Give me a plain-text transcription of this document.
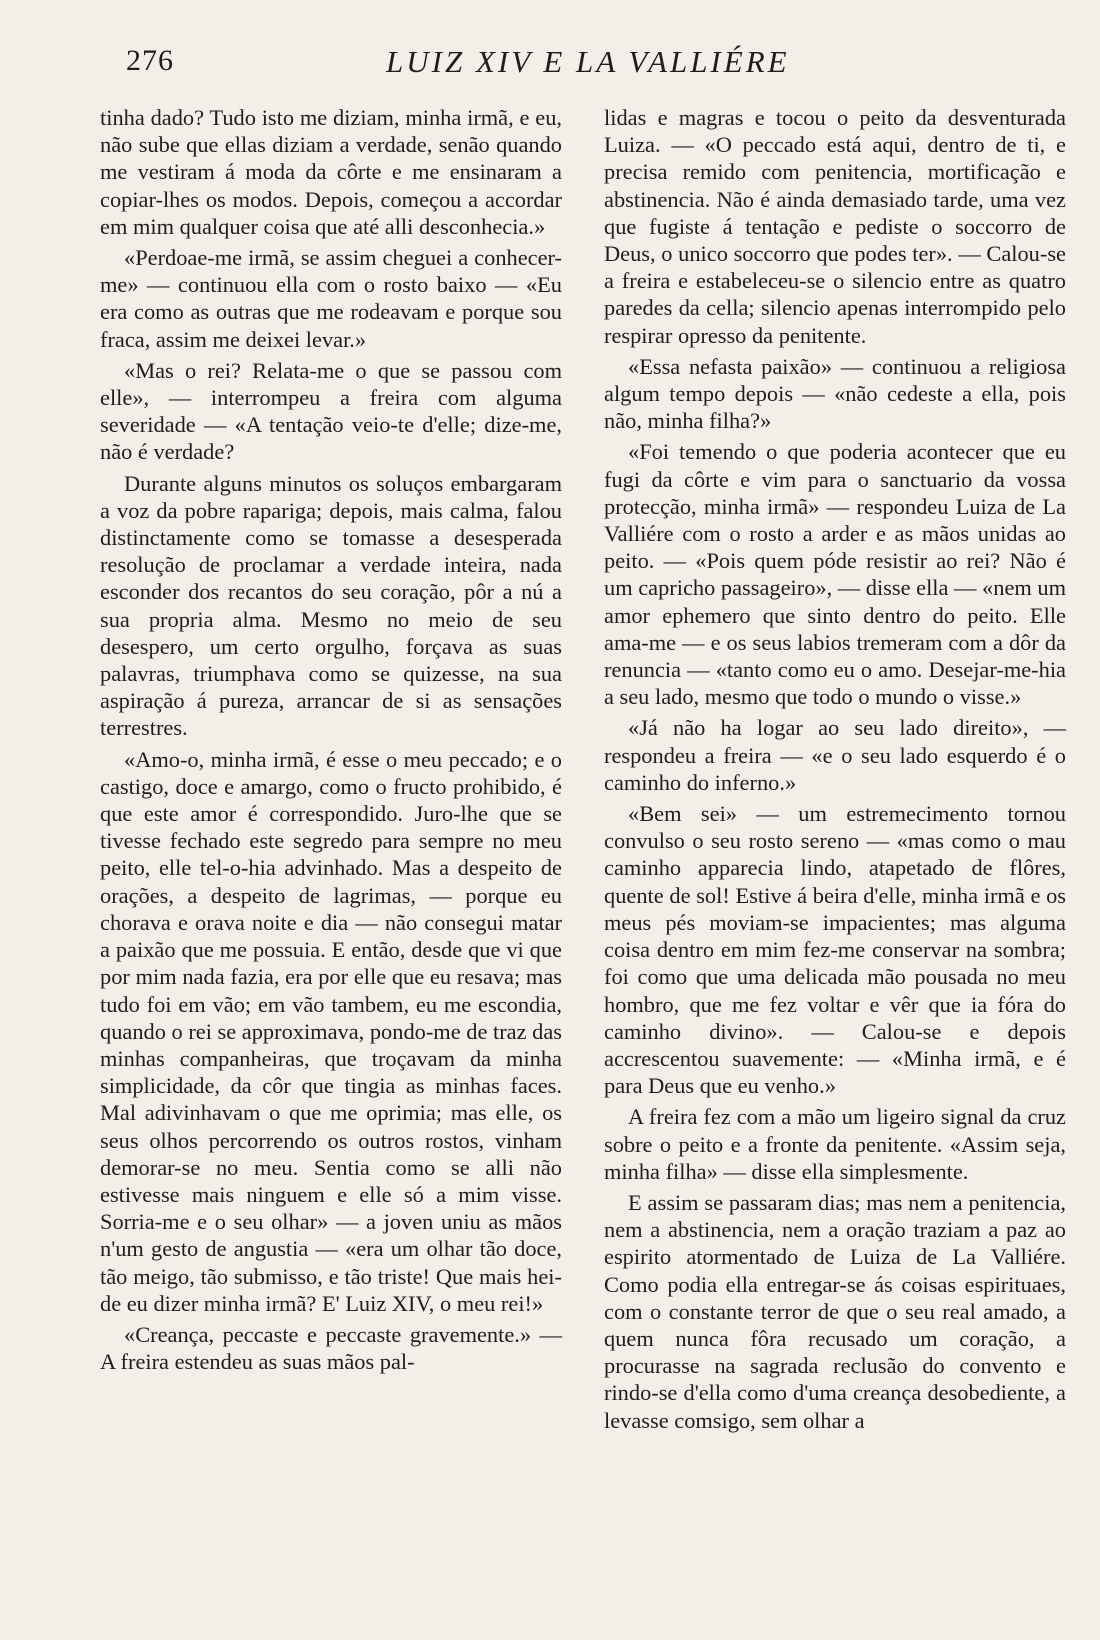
276	LUIZ XIV E LA VALLIÉRE

tinha dado? Tudo isto me diziam, minha irmã, e eu, não sube que ellas diziam a verdade, senão quando me vestiram á moda da côrte e me ensinaram a copiar-lhes os modos. Depois, começou a accordar em mim qualquer coisa que até alli desconhecia.»

«Perdoae-me irmã, se assim cheguei a conhecer-me» — continuou ella com o rosto baixo — «Eu era como as outras que me rodeavam e porque sou fraca, assim me deixei levar.»

«Mas o rei? Relata-me o que se passou com elle», — interrompeu a freira com alguma severidade — «A tentação veio-te d'elle; dize-me, não é verdade?

Durante alguns minutos os soluços embargaram a voz da pobre rapariga; depois, mais calma, falou distinctamente como se tomasse a desesperada resolução de proclamar a verdade inteira, nada esconder dos recantos do seu coração, pôr a nú a sua propria alma. Mesmo no meio de seu desespero, um certo orgulho, forçava as suas palavras, triumphava como se quizesse, na sua aspiração á pureza, arrancar de si as sensações terrestres.

«Amo-o, minha irmã, é esse o meu peccado; e o castigo, doce e amargo, como o fructo prohibido, é que este amor é correspondido. Juro-lhe que se tivesse fechado este segredo para sempre no meu peito, elle tel-o-hia advinhado. Mas a despeito de orações, a despeito de lagrimas, — porque eu chorava e orava noite e dia — não consegui matar a paixão que me possuia. E então, desde que vi que por mim nada fazia, era por elle que eu resava; mas tudo foi em vão; em vão tambem, eu me escondia, quando o rei se approximava, pondo-me de traz das minhas companheiras, que troçavam da minha simplicidade, da côr que tingia as minhas faces. Mal adivinhavam o que me oprimia; mas elle, os seus olhos percorrendo os outros rostos, vinham demorar-se no meu. Sentia como se alli não estivesse mais ninguem e elle só a mim visse. Sorria-me e o seu olhar» — a joven uniu as mãos n'um gesto de angustia — «era um olhar tão doce, tão meigo, tão submisso, e tão triste! Que mais hei-de eu dizer minha irmã? E' Luiz XIV, o meu rei!»

«Creança, peccaste e peccaste gravemente.» — A freira estendeu as suas mãos pal-

lidas e magras e tocou o peito da desventurada Luiza. — «O peccado está aqui, dentro de ti, e precisa remido com penitencia, mortificação e abstinencia. Não é ainda demasiado tarde, uma vez que fugiste á tentação e pediste o soccorro de Deus, o unico soccorro que podes ter». — Calou-se a freira e estabeleceu-se o silencio entre as quatro paredes da cella; silencio apenas interrompido pelo respirar opresso da penitente.

«Essa nefasta paixão» — continuou a religiosa algum tempo depois — «não cedeste a ella, pois não, minha filha?»

«Foi temendo o que poderia acontecer que eu fugi da côrte e vim para o sanctuario da vossa protecção, minha irmã» — respondeu Luiza de La Valliére com o rosto a arder e as mãos unidas ao peito. — «Pois quem póde resistir ao rei? Não é um capricho passageiro», — disse ella — «nem um amor ephemero que sinto dentro do peito. Elle ama-me — e os seus labios tremeram com a dôr da renuncia — «tanto como eu o amo. Desejar-me-hia a seu lado, mesmo que todo o mundo o visse.»

«Já não ha logar ao seu lado direito», — respondeu a freira — «e o seu lado esquerdo é o caminho do inferno.»

«Bem sei» — um estremecimento tornou convulso o seu rosto sereno — «mas como o mau caminho apparecia lindo, atapetado de flôres, quente de sol! Estive á beira d'elle, minha irmã e os meus pés moviam-se impacientes; mas alguma coisa dentro em mim fez-me conservar na sombra; foi como que uma delicada mão pousada no meu hombro, que me fez voltar e vêr que ia fóra do caminho divino». — Calou-se e depois accrescentou suavemente: — «Minha irmã, e é para Deus que eu venho.»

A freira fez com a mão um ligeiro signal da cruz sobre o peito e a fronte da penitente. «Assim seja, minha filha» — disse ella simplesmente.

E assim se passaram dias; mas nem a penitencia, nem a abstinencia, nem a oração traziam a paz ao espirito atormentado de Luiza de La Valliére. Como podia ella entregar-se ás coisas espirituaes, com o constante terror de que o seu real amado, a quem nunca fôra recusado um coração, a procurasse na sagrada reclusão do convento e rindo-se d'ella como d'uma creança desobediente, a levasse comsigo, sem olhar a
